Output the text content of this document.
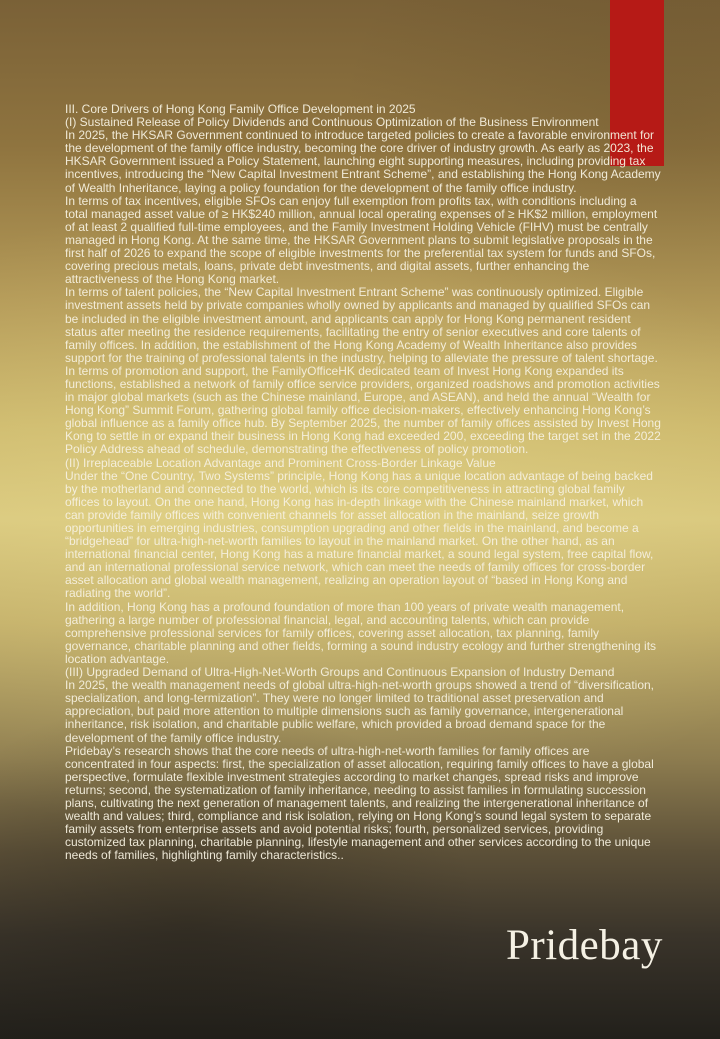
III. Core Drivers of Hong Kong Family Office Development in 2025

(I) Sustained Release of Policy Dividends and Continuous Optimization of the Business Environment

In 2025, the HKSAR Government continued to introduce targeted policies to create a favorable environment for the development of the family office industry, becoming the core driver of industry growth. As early as 2023, the HKSAR Government issued a Policy Statement, launching eight supporting measures, including providing tax incentives, introducing the “New Capital Investment Entrant Scheme”, and establishing the Hong Kong Academy of Wealth Inheritance, laying a policy foundation for the development of the family office industry.

In terms of tax incentives, eligible SFOs can enjoy full exemption from profits tax, with conditions including a total managed asset value of ≥ HK$240 million, annual local operating expenses of ≥ HK$2 million, employment of at least 2 qualified full-time employees, and the Family Investment Holding Vehicle (FIHV) must be centrally managed in Hong Kong. At the same time, the HKSAR Government plans to submit legislative proposals in the first half of 2026 to expand the scope of eligible investments for the preferential tax system for funds and SFOs, covering precious metals, loans, private debt investments, and digital assets, further enhancing the attractiveness of the Hong Kong market.

In terms of talent policies, the “New Capital Investment Entrant Scheme” was continuously optimized. Eligible investment assets held by private companies wholly owned by applicants and managed by qualified SFOs can be included in the eligible investment amount, and applicants can apply for Hong Kong permanent resident status after meeting the residence requirements, facilitating the entry of senior executives and core talents of family offices. In addition, the establishment of the Hong Kong Academy of Wealth Inheritance also provides support for the training of professional talents in the industry, helping to alleviate the pressure of talent shortage.

In terms of promotion and support, the FamilyOfficeHK dedicated team of Invest Hong Kong expanded its functions, established a network of family office service providers, organized roadshows and promotion activities in major global markets (such as the Chinese mainland, Europe, and ASEAN), and held the annual “Wealth for Hong Kong” Summit Forum, gathering global family office decision-makers, effectively enhancing Hong Kong’s global influence as a family office hub. By September 2025, the number of family offices assisted by Invest Hong Kong to settle in or expand their business in Hong Kong had exceeded 200, exceeding the target set in the 2022 Policy Address ahead of schedule, demonstrating the effectiveness of policy promotion.

(II) Irreplaceable Location Advantage and Prominent Cross-Border Linkage Value

Under the “One Country, Two Systems” principle, Hong Kong has a unique location advantage of being backed by the motherland and connected to the world, which is its core competitiveness in attracting global family offices to layout. On the one hand, Hong Kong has in-depth linkage with the Chinese mainland market, which can provide family offices with convenient channels for asset allocation in the mainland, seize growth opportunities in emerging industries, consumption upgrading and other fields in the mainland, and become a “bridgehead” for ultra-high-net-worth families to layout in the mainland market. On the other hand, as an international financial center, Hong Kong has a mature financial market, a sound legal system, free capital flow, and an international professional service network, which can meet the needs of family offices for cross-border asset allocation and global wealth management, realizing an operation layout of “based in Hong Kong and radiating the world”.

In addition, Hong Kong has a profound foundation of more than 100 years of private wealth management, gathering a large number of professional financial, legal, and accounting talents, which can provide comprehensive professional services for family offices, covering asset allocation, tax planning, family governance, charitable planning and other fields, forming a sound industry ecology and further strengthening its location advantage.

(III) Upgraded Demand of Ultra-High-Net-Worth Groups and Continuous Expansion of Industry Demand

In 2025, the wealth management needs of global ultra-high-net-worth groups showed a trend of “diversification, specialization, and long-termization”. They were no longer limited to traditional asset preservation and appreciation, but paid more attention to multiple dimensions such as family governance, intergenerational inheritance, risk isolation, and charitable public welfare, which provided a broad demand space for the development of the family office industry.

Pridebay’s research shows that the core needs of ultra-high-net-worth families for family offices are concentrated in four aspects: first, the specialization of asset allocation, requiring family offices to have a global perspective, formulate flexible investment strategies according to market changes, spread risks and improve returns; second, the systematization of family inheritance, needing to assist families in formulating succession plans, cultivating the next generation of management talents, and realizing the intergenerational inheritance of wealth and values; third, compliance and risk isolation, relying on Hong Kong’s sound legal system to separate family assets from enterprise assets and avoid potential risks; fourth, personalized services, providing customized tax planning, charitable planning, lifestyle management and other services according to the unique needs of families, highlighting family characteristics..

Pridebay
